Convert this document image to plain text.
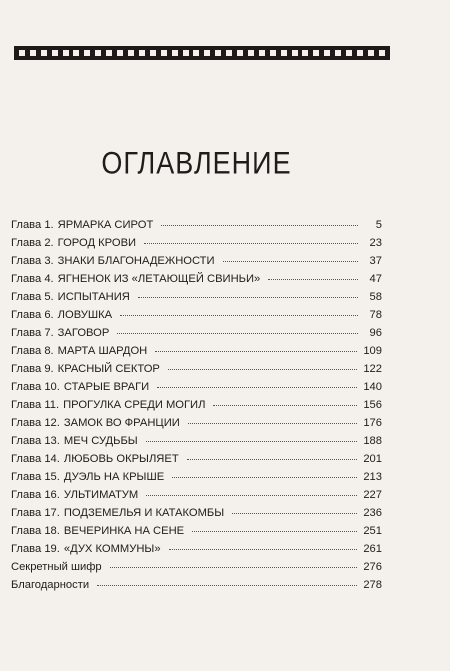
ОГЛАВЛЕНИЕ
Глава 1. ЯРМАРКА СИРОТ	5
Глава 2. ГОРОД КРОВИ	23
Глава 3. ЗНАКИ БЛАГОНАДЕЖНОСТИ	37
Глава 4. ЯГНЕНОК ИЗ «ЛЕТАЮЩЕЙ СВИНЬИ»	47
Глава 5. ИСПЫТАНИЯ	58
Глава 6. ЛОВУШКА	78
Глава 7. ЗАГОВОР	96
Глава 8. МАРТА ШАРДОН	109
Глава 9. КРАСНЫЙ СЕКТОР	122
Глава 10. СТАРЫЕ ВРАГИ	140
Глава 11. ПРОГУЛКА СРЕДИ МОГИЛ	156
Глава 12. ЗАМОК ВО ФРАНЦИИ	176
Глава 13. МЕЧ СУДЬБЫ	188
Глава 14. ЛЮБОВЬ ОКРЫЛЯЕТ	201
Глава 15. ДУЭЛЬ НА КРЫШЕ	213
Глава 16. УЛЬТИМАТУМ	227
Глава 17. ПОДЗЕМЕЛЬЯ И КАТАКОМБЫ	236
Глава 18. ВЕЧЕРИНКА НА СЕНЕ	251
Глава 19. «ДУХ КОММУНЫ»	261
Секретный шифр	276
Благодарности	278
